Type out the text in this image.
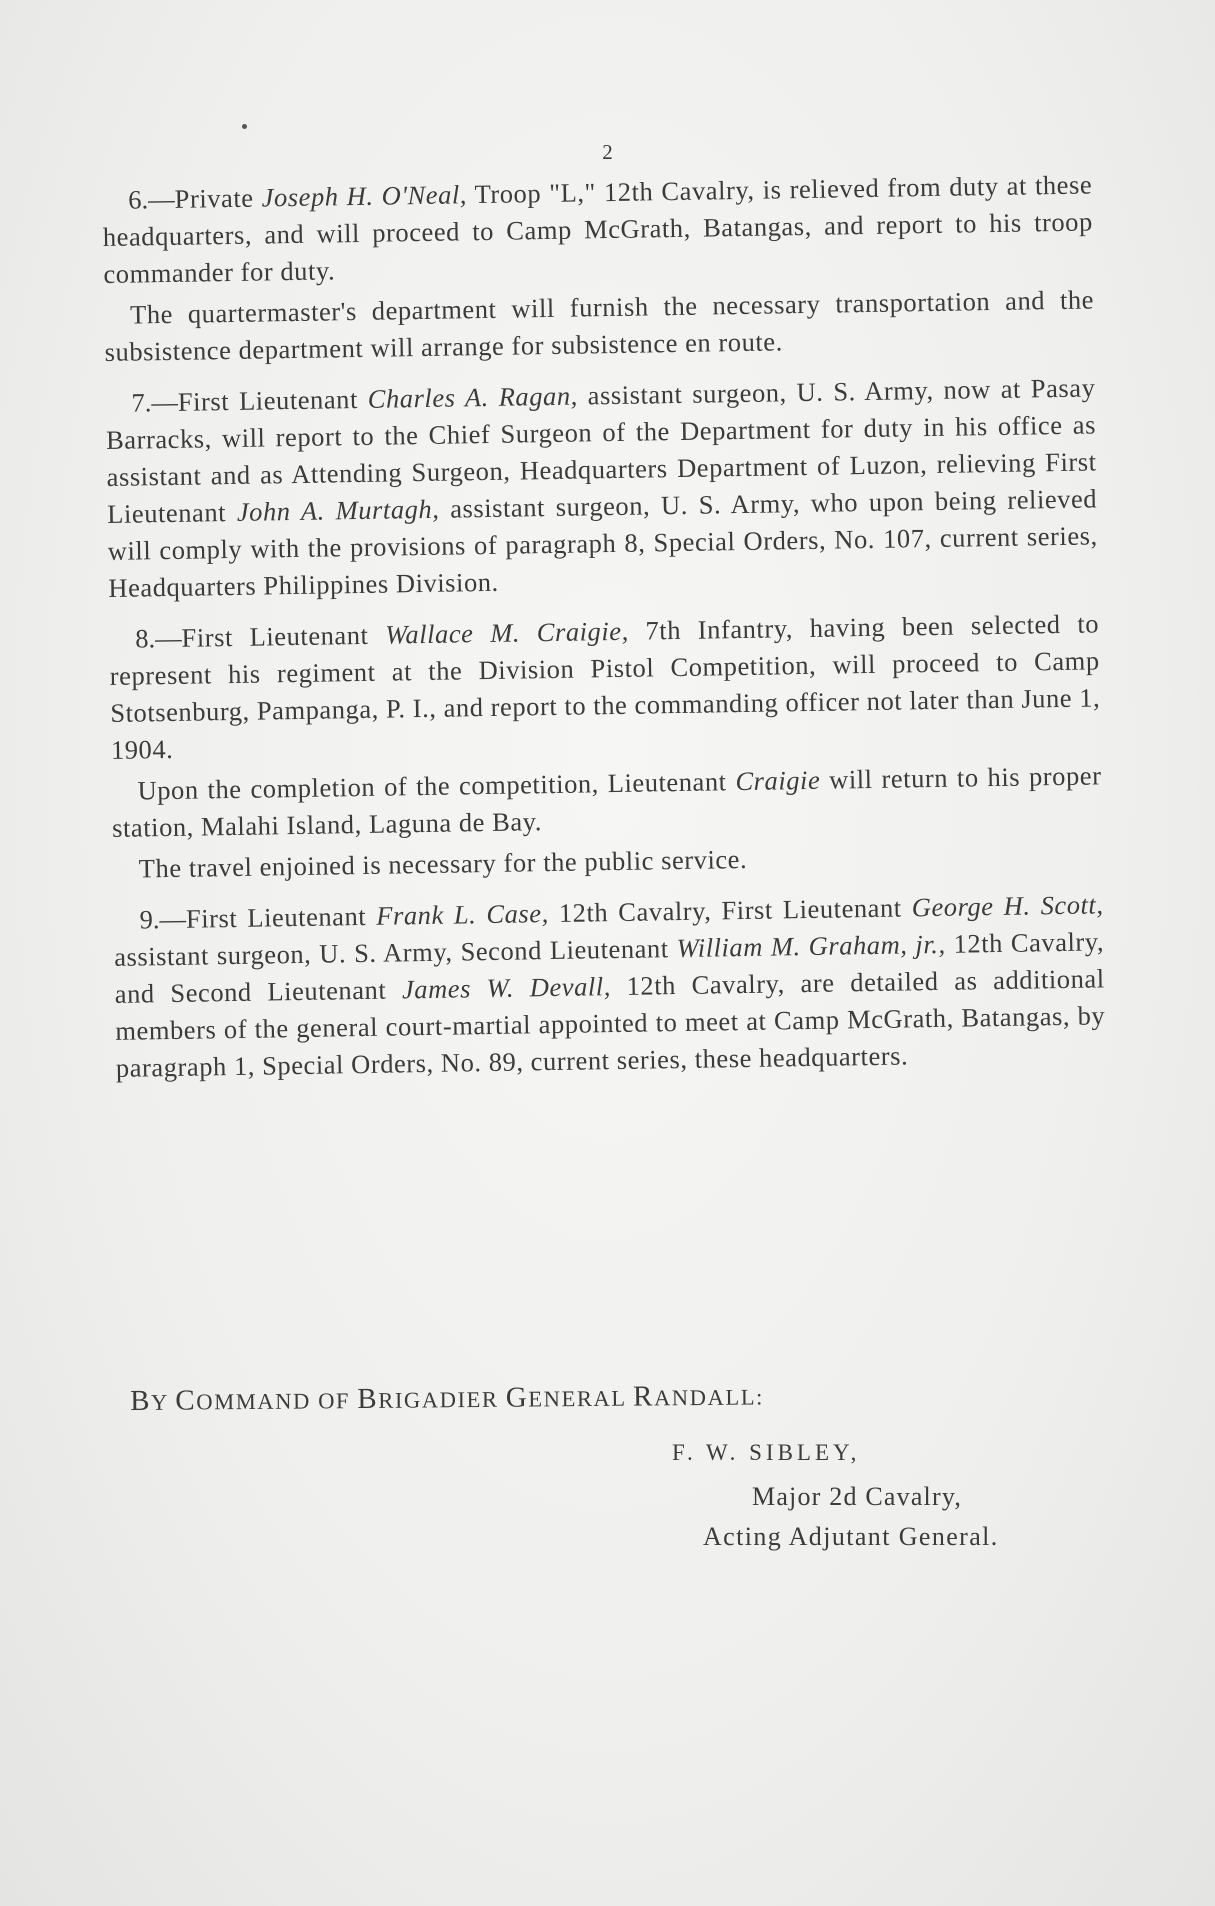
2

6.—Private Joseph H. O'Neal, Troop "L," 12th Cavalry, is relieved from duty at these headquarters, and will proceed to Camp McGrath, Batangas, and report to his troop commander for duty.

The quartermaster's department will furnish the necessary transportation and the subsistence department will arrange for subsistence en route.

7.—First Lieutenant Charles A. Ragan, assistant surgeon, U. S. Army, now at Pasay Barracks, will report to the Chief Surgeon of the Department for duty in his office as assistant and as Attending Surgeon, Headquarters Department of Luzon, relieving First Lieutenant John A. Murtagh, assistant surgeon, U. S. Army, who upon being relieved will comply with the provisions of paragraph 8, Special Orders, No. 107, current series, Headquarters Philippines Division.

8.—First Lieutenant Wallace M. Craigie, 7th Infantry, having been selected to represent his regiment at the Division Pistol Competition, will proceed to Camp Stotsenburg, Pampanga, P. I., and report to the commanding officer not later than June 1, 1904.

Upon the completion of the competition, Lieutenant Craigie will return to his proper station, Malahi Island, Laguna de Bay.

The travel enjoined is necessary for the public service.

9.—First Lieutenant Frank L. Case, 12th Cavalry, First Lieutenant George H. Scott, assistant surgeon, U. S. Army, Second Lieutenant William M. Graham, jr., 12th Cavalry, and Second Lieutenant James W. Devall, 12th Cavalry, are detailed as additional members of the general court-martial appointed to meet at Camp McGrath, Batangas, by paragraph 1, Special Orders, No. 89, current series, these headquarters.

BY COMMAND OF BRIGADIER GENERAL RANDALL:
F. W. SIBLEY,
Major 2d Cavalry,
Acting Adjutant General.
